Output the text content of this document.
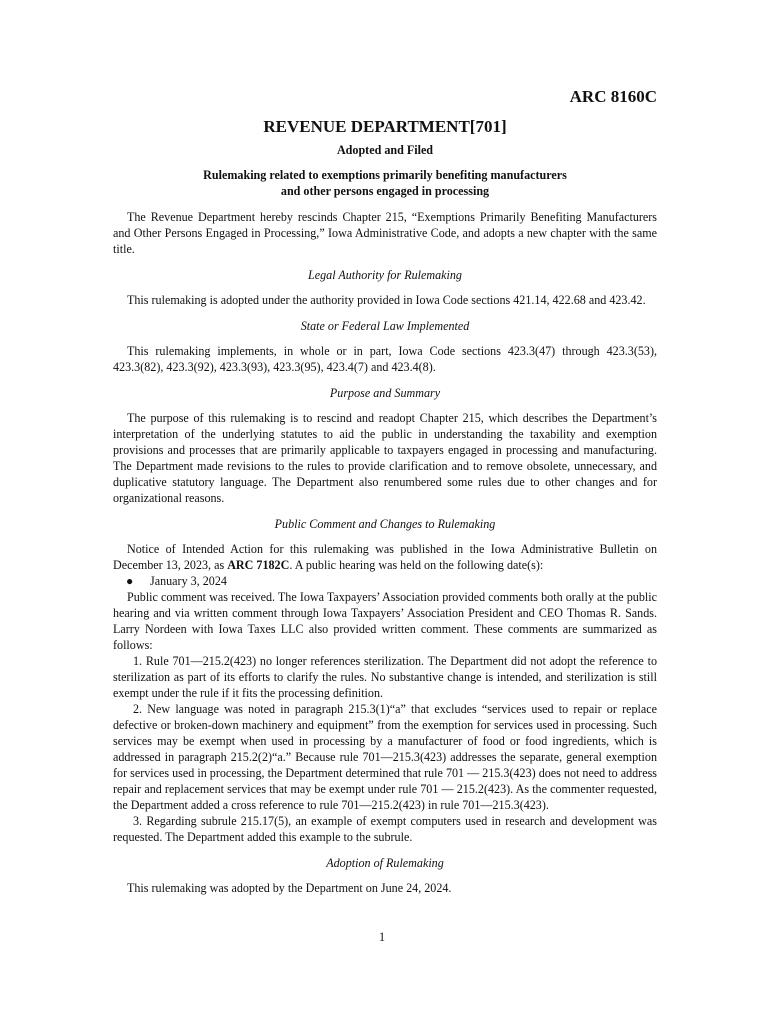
ARC 8160C
REVENUE DEPARTMENT[701]
Adopted and Filed
Rulemaking related to exemptions primarily benefiting manufacturers
and other persons engaged in processing

The Revenue Department hereby rescinds Chapter 215, “Exemptions Primarily Benefiting Manufacturers and Other Persons Engaged in Processing,” Iowa Administrative Code, and adopts a new chapter with the same title.

Legal Authority for Rulemaking

This rulemaking is adopted under the authority provided in Iowa Code sections 421.14, 422.68 and 423.42.

State or Federal Law Implemented

This rulemaking implements, in whole or in part, Iowa Code sections 423.3(47) through 423.3(53), 423.3(82), 423.3(92), 423.3(93), 423.3(95), 423.4(7) and 423.4(8).

Purpose and Summary

The purpose of this rulemaking is to rescind and readopt Chapter 215, which describes the Department’s interpretation of the underlying statutes to aid the public in understanding the taxability and exemption provisions and processes that are primarily applicable to taxpayers engaged in processing and manufacturing. The Department made revisions to the rules to provide clarification and to remove obsolete, unnecessary, and duplicative statutory language. The Department also renumbered some rules due to other changes and for organizational reasons.

Public Comment and Changes to Rulemaking

Notice of Intended Action for this rulemaking was published in the Iowa Administrative Bulletin on December 13, 2023, as ARC 7182C. A public hearing was held on the following date(s):

●	January 3, 2024

Public comment was received. The Iowa Taxpayers’ Association provided comments both orally at the public hearing and via written comment through Iowa Taxpayers’ Association President and CEO Thomas R. Sands. Larry Nordeen with Iowa Taxes LLC also provided written comment. These comments are summarized as follows:

1. Rule 701—215.2(423) no longer references sterilization. The Department did not adopt the reference to sterilization as part of its efforts to clarify the rules. No substantive change is intended, and sterilization is still exempt under the rule if it fits the processing definition.

2. New language was noted in paragraph 215.3(1)“a” that excludes “services used to repair or replace defective or broken-down machinery and equipment” from the exemption for services used in processing. Such services may be exempt when used in processing by a manufacturer of food or food ingredients, which is addressed in paragraph 215.2(2)“a.” Because rule 701—215.3(423) addresses the separate, general exemption for services used in processing, the Department determined that rule 701 — 215.3(423) does not need to address repair and replacement services that may be exempt under rule 701 — 215.2(423). As the commenter requested, the Department added a cross reference to rule 701—215.2(423) in rule 701—215.3(423).

3. Regarding subrule 215.17(5), an example of exempt computers used in research and development was requested. The Department added this example to the subrule.

Adoption of Rulemaking

This rulemaking was adopted by the Department on June 24, 2024.

1
